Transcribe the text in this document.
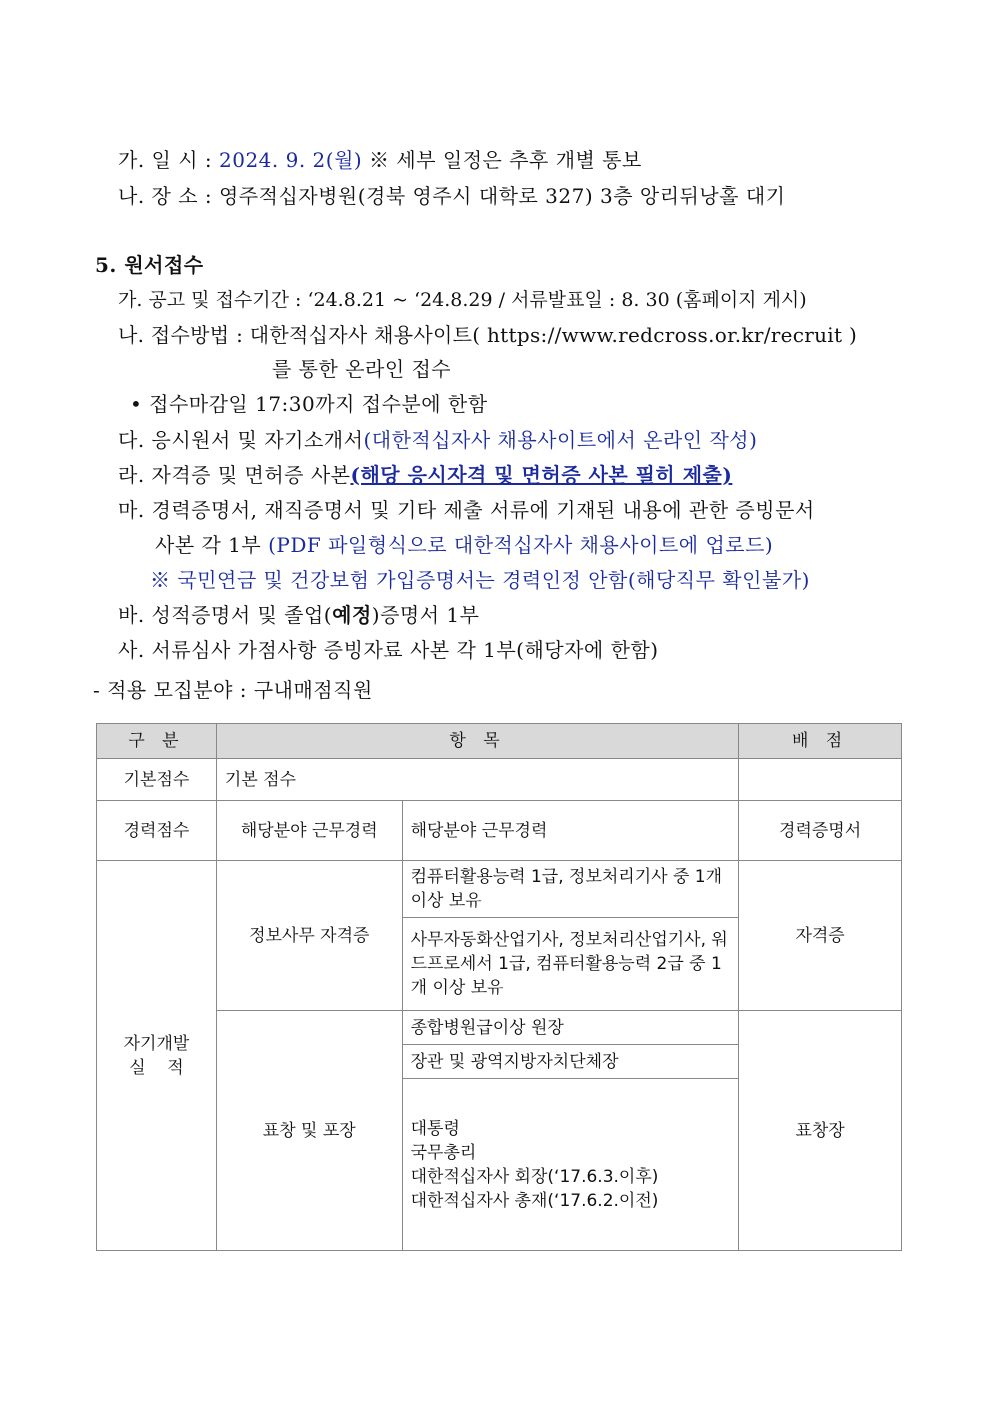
가. 일 시 : 2024. 9. 2(월) ※ 세부 일정은 추후 개별 통보
나. 장 소 : 영주적십자병원(경북 영주시 대학로 327) 3층 앙리뒤낭홀 대기
5. 원서접수
가. 공고 및 접수기간 : ‘24.8.21 ~ ‘24.8.29 / 서류발표일 : 8. 30 (홈페이지 게시)
나. 접수방법 : 대한적십자사 채용사이트( https://www.redcross.or.kr/recruit )
를 통한 온라인 접수
• 접수마감일 17:30까지 접수분에 한함
다. 응시원서 및 자기소개서(대한적십자사 채용사이트에서 온라인 작성)
라. 자격증 및 면허증 사본(해당 응시자격 및 면허증 사본 필히 제출)
마. 경력증명서, 재직증명서 및 기타 제출 서류에 기재된 내용에 관한 증빙문서
사본 각 1부 (PDF 파일형식으로 대한적십자사 채용사이트에 업로드)
※ 국민연금 및 건강보험 가입증명서는 경력인정 안함(해당직무 확인불가)
바. 성적증명서 및 졸업(예정)증명서 1부
사. 서류심사 가점사항 증빙자료 사본 각 1부(해당자에 한함)
- 적용 모집분야 : 구내매점직원
구 분	항 목		배 점
기본점수	기본 점수		
경력점수	해당분야 근무경력	해당분야 근무경력	경력증명서

자기개발
실    적	정보사무 자격증	컴퓨터활용능력 1급, 정보처리기사 중 1개 이상 보유	자격증
		사무자동화산업기사, 정보처리산업기사, 워드프로세서 1급, 컴퓨터활용능력 2급 중 1개 이상 보유	
	표창 및 포장	종합병원급이상 원장	표창장
		장관 및 광역지방자치단체장	

		대통령
국무총리
대한적십자사 회장(‘17.6.3.이후)
대한적십자사 총재(‘17.6.2.이전)	
